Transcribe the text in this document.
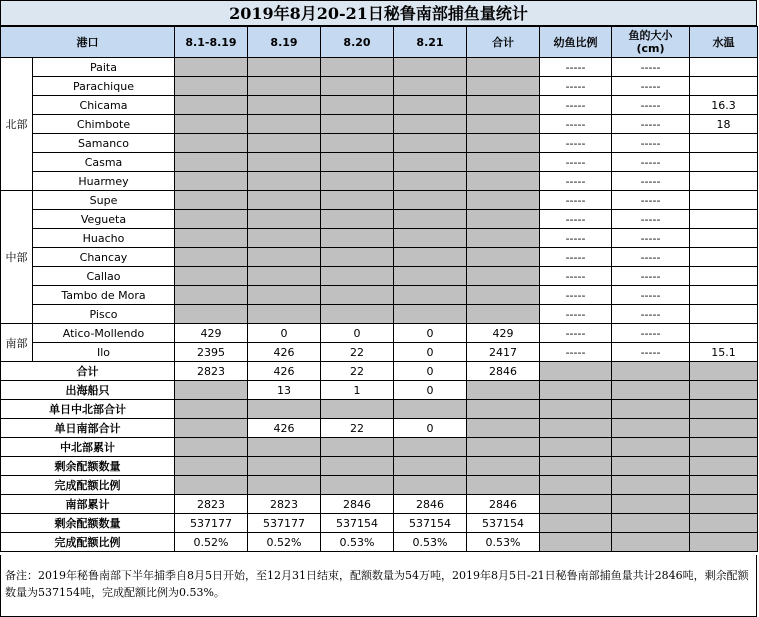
2019年8月20-21日秘鲁南部捕鱼量统计
港口		8.1-8.19	8.19	8.20	8.21	合计	幼鱼比例	鱼的大小
(cm)	水温
北部	Paita						-----	-----	
	Parachique						-----	-----	
	Chicama						-----	-----	16.3
	Chimbote						-----	-----	18
	Samanco						-----	-----	
	Casma						-----	-----	
	Huarmey						-----	-----	
中部	Supe						-----	-----	
	Vegueta						-----	-----	
	Huacho						-----	-----	
	Chancay						-----	-----	
	Callao						-----	-----	
	Tambo de Mora						-----	-----	
	Pisco						-----	-----	
南部	Atico-Mollendo	429	0	0	0	429	-----	-----	
	Ilo	2395	426	22	0	2417	-----	-----	15.1
合计		2823	426	22	0	2846			
出海船只			13	1	0				
单日中北部合计									
单日南部合计			426	22	0				
中北部累计									
剩余配额数量									
完成配额比例									
南部累计		2823	2823	2846	2846	2846			
剩余配额数量		537177	537177	537154	537154	537154			
完成配额比例		0.52%	0.52%	0.53%	0.53%	0.53%			
备注：2019年秘鲁南部下半年捕季自8月5日开始，至12月31日结束，配额数量为54万吨，2019年8月5日-21日秘鲁南部捕鱼量共计2846吨，剩余配额数量为537154吨，完成配额比例为0.53%。
